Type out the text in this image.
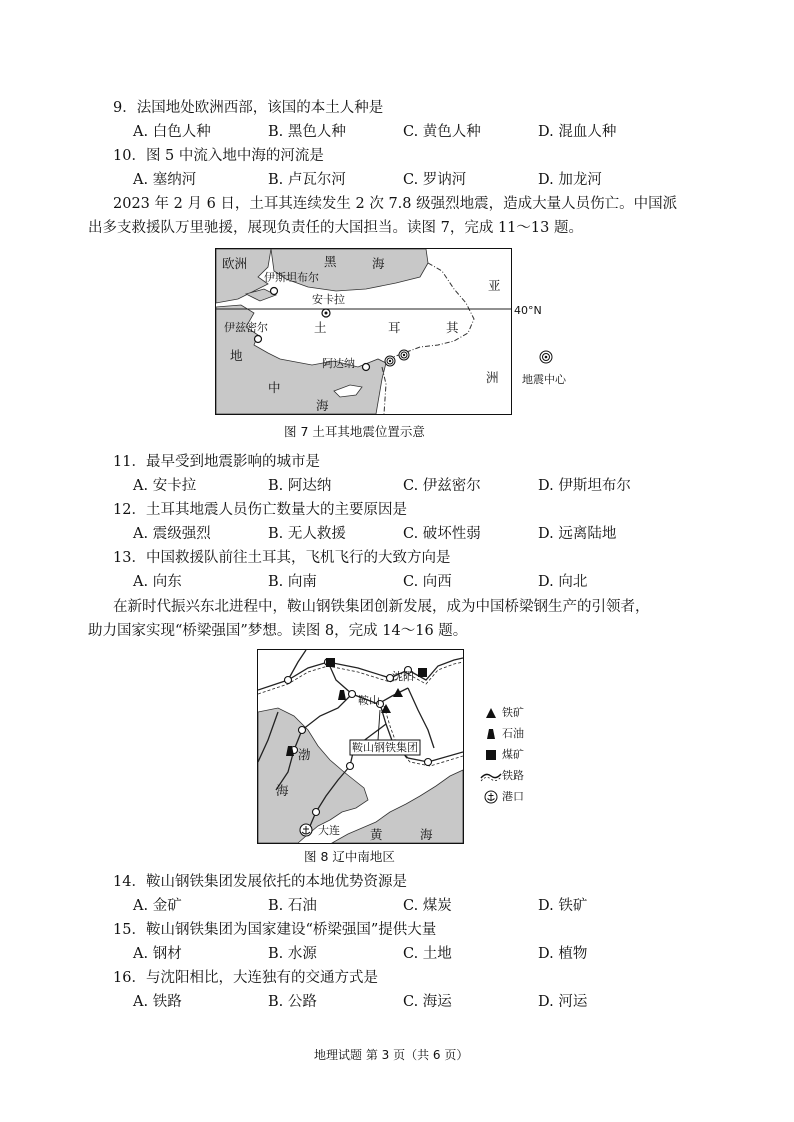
9．法国地处欧洲西部，该国的本土人种是
A. 白色人种	B. 黑色人种	C. 黄色人种	D. 混血人种
10．图 5 中流入地中海的河流是
A. 塞纳河	B. 卢瓦尔河	C. 罗讷河	D. 加龙河
2023 年 2 月 6 日，土耳其连续发生 2 次 7.8 级强烈地震，造成大量人员伤亡。中国派
出多支救援队万里驰援，展现负责任的大国担当。读图 7，完成 11～13 题。
欧洲	黑	海
伊斯坦布尔
安卡拉
伊兹密尔	土	耳	其
阿达纳
亚
洲
地
中
海
40°N
地震中心
图 7 土耳其地震位置示意
11．最早受到地震影响的城市是
A. 安卡拉	B. 阿达纳	C. 伊兹密尔	D. 伊斯坦布尔
12．土耳其地震人员伤亡数量大的主要原因是
A. 震级强烈	B. 无人救援	C. 破坏性弱	D. 远离陆地
13．中国救援队前往土耳其，飞机飞行的大致方向是
A. 向东	B. 向南	C. 向西	D. 向北
在新时代振兴东北进程中，鞍山钢铁集团创新发展，成为中国桥梁钢生产的引领者，
助力国家实现“桥梁强国”梦想。读图 8，完成 14～16 题。
沈阳
鞍山
鞍山钢铁集团
渤
海
大连 黄	海
铁矿
石油
煤矿
铁路
港口
图 8 辽中南地区
14．鞍山钢铁集团发展依托的本地优势资源是
A. 金矿	B. 石油	C. 煤炭	D. 铁矿
15．鞍山钢铁集团为国家建设“桥梁强国”提供大量
A. 钢材	B. 水源	C. 土地	D. 植物
16．与沈阳相比，大连独有的交通方式是
A. 铁路	B. 公路	C. 海运	D. 河运
地理试题 第 3 页（共 6 页）
